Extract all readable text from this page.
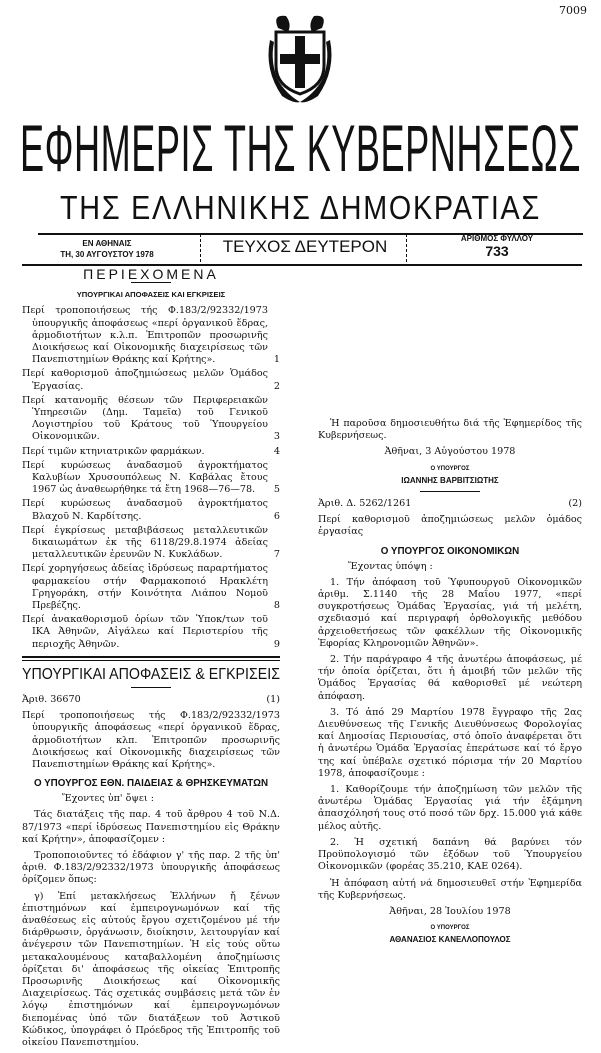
7009
ΕΦΗΜΕΡΙΣ ΤΗΣ ΚΥΒΕΡΝΗΣΕΩΣ
ΤΗΣ ΕΛΛΗΝΙΚΗΣ ΔΗΜΟΚΡΑΤΙΑΣ
ΕΝ ΑΘΗΝΑΙΣ
ΤΗ, 30 ΑΥΓΟΥΣΤΟΥ 1978	ΤΕΥΧΟΣ ΔΕΥΤΕΡΟΝ	ΑΡΙΘΜΟΣ ΦΥΛΛΟΥ
733
ΠΕΡΙΕΧΟΜΕΝΑ
ΥΠΟΥΡΓΙΚΑΙ ΑΠΟΦΑΣΕΙΣ ΚΑΙ ΕΓΚΡΙΣΕΙΣ
Περί τροποποιήσεως τής Φ.183/2/92332/1973 ὑπουργικῆς ἀποφάσεως «περί ὀργανικοῦ ἕδρας, ἁρμοδιοτήτων κ.λ.π. Ἐπιτροπῶν προσωρινῆς Διοικήσεως καί Οἰκονομικῆς διαχειρίσεως τῶν Πανεπιστημίων Θράκης καί Κρήτης».	1
Περί καθορισμοῦ ἀποζημιώσεως μελῶν Ὁμάδος Ἐργασίας.	2
Περί κατανομῆς θέσεων τῶν Περιφερειακῶν Ὑπηρεσιῶν (Δημ. Ταμεῖα) τοῦ Γενικοῦ Λογιστηρίου τοῦ Κράτους τοῦ Ὑπουργείου Οἰκονομικῶν.	3
Περί τιμῶν κτηνιατρικῶν φαρμάκων.	4
Περί κυρώσεως ἀναδασμοῦ ἀγροκτήματος Καλυβίων Χρυσουπόλεως Ν. Καβάλας ἔτους 1967 ὡς ἀναθεωρήθηκε τά ἔτη 1968—76—78.	5
Περί κυρώσεως ἀναδασμοῦ ἀγροκτήματος Βλαχοῦ Ν. Καρδίτσης.	6
Περί ἐγκρίσεως μεταβιβάσεως μεταλλευτικῶν δικαιωμάτων ἐκ τῆς 6118/29.8.1974 ἀδείας μεταλλευτικῶν ἐρευνῶν Ν. Κυκλάδων.	7
Περί χορηγήσεως ἀδείας ἱδρύσεως παραρτήματος φαρμακείου στήν Φαρμακοποιό Ηρακλέτη Γρηγοράκη, στήν Κοινότητα Λιάπου Νομοῦ Πρεβέζης.	8
Περί ἀνακαθορισμοῦ ὁρίων τῶν Ὑποκ/των τοῦ ΙΚΑ Ἀθηνῶν, Αἰγάλεω καί Περιστερίου τῆς περιοχῆς Ἀθηνῶν.	9
ΥΠΟΥΡΓΙΚΑΙ ΑΠΟΦΑΣΕΙΣ & ΕΓΚΡΙΣΕΙΣ
Ἀριθ. 36670	(1)
Περί τροποποιήσεως τής Φ.183/2/92332/1973 ὑπουργικῆς ἀποφάσεως «περί ὀργανικοῦ ἕδρας, ἁρμοδιοτήτων κλπ. Ἐπιτροπῶν προσωρινῆς Διοικήσεως καί Οἰκονομικῆς διαχειρίσεως τῶν Πανεπιστημίων Θράκης καί Κρήτης».
Ο ΥΠΟΥΡΓΟΣ ΕΘΝ. ΠΑΙΔΕΙΑΣ & ΘΡΗΣΚΕΥΜΑΤΩΝ

Ἔχοντες ὑπ' ὄψει :

Τάς διατάξεις τῆς παρ. 4 τοῦ ἄρθρου 4 τοῦ Ν.Δ. 87/1973 «περί ἱδρύσεως Πανεπιστημίου εἰς Θράκην καί Κρήτην», ἀποφασίζομεν :

Τροποποιοῦντες τό ἐδάφιον γ' τῆς παρ. 2 τῆς ὑπ' ἀριθ. Φ.183/2/92332/1973 ὑπουργικῆς ἀποφάσεως ὁρίζομεν ὅπως:

γ) Ἐπί μετακλήσεως Ἑλλήνων ἤ ξένων ἐπιστημόνων καί ἐμπειρογνωμόνων καί τῆς ἀναθέσεως εἰς αὐτούς ἔργου σχετιζομένου μέ τήν διάρθρωσιν, ὀργάνωσιν, διοίκησιν, λειτουργίαν καί ἀνέγερσιν τῶν Πανεπιστημίων. Ἡ εἰς τούς οὕτω μετακαλουμένους καταβαλλομένη ἀποζημίωσις ὁρίζεται δι' ἀποφάσεως τῆς οἰκείας Ἐπιτροπῆς Προσωρινῆς Διοικήσεως καί Οἰκονομικῆς Διαχειρίσεως. Τάς σχετικάς συμβάσεις μετά τῶν ἐν λόγῳ ἐπιστημόνων καί ἐμπειρογνωμόνων διεπομένας ὑπό τῶν διατάξεων τοῦ Ἀστικοῦ Κώδικος, ὑπογράφει ὁ Πρόεδρος τῆς Ἐπιτροπῆς τοῦ οἰκείου Πανεπιστημίου.

Ἡ παροῦσα δημοσιευθήτω διά τῆς Ἐφημερίδος τῆς Κυβερνήσεως.

Ἀθῆναι, 3 Αὐγούστου 1978
Ο ΥΠΟΥΡΓΟΣ
ΙΩΑΝΝΗΣ ΒΑΡΒΙΤΣΙΩΤΗΣ
Ἀριθ. Δ. 5262/1261	(2)
Περί καθορισμοῦ ἀποζημιώσεως μελῶν ὁμάδος ἐργασίας
Ο ΥΠΟΥΡΓΟΣ ΟΙΚΟΝΟΜΙΚΩΝ

Ἔχοντας ὑπόψη :

1. Τήν ἀπόφαση τοῦ Ὑφυπουργοῦ Οἰκονομικῶν ἀριθμ. Σ.1140 τῆς 28 Μαΐου 1977, «περί συγκροτήσεως Ὁμάδας Ἐργασίας, γιά τή μελέτη, σχεδιασμό καί περιγραφή ὀρθολογικῆς μεθόδου ἀρχειοθετήσεως τῶν φακέλλων τῆς Οἰκονομικῆς Ἐφορίας Κληρονομιῶν Ἀθηνῶν».

2. Τήν παράγραφο 4 τῆς ἀνωτέρω ἀποφάσεως, μέ τήν ὁποία ὁρίζεται, ὅτι ἡ ἀμοιβή τῶν μελῶν τῆς Ὁμάδος Ἐργασίας θά καθορισθεῖ μέ νεώτερη ἀπόφαση.

3. Τό ἀπό 29 Μαρτίου 1978 ἔγγραφο τῆς 2ας Διευθύνσεως τῆς Γενικῆς Διευθύνσεως Φορολογίας καί Δημοσίας Περιουσίας, στό ὁποῖο ἀναφέρεται ὅτι ἡ ἀνωτέρω Ὁμάδα Ἐργασίας ἐπεράτωσε καί τό ἔργο της καί ὑπέβαλε σχετικό πόρισμα τήν 20 Μαρτίου 1978, ἀποφασίζουμε :

1. Καθορίζουμε τήν ἀποζημίωση τῶν μελῶν τῆς ἀνωτέρω Ὁμάδας Ἐργασίας γιά τήν ἑξάμηνη ἀπασχόλησή τους στό ποσό τῶν δρχ. 15.000 γιά κάθε μέλος αὐτῆς.

2. Ἡ σχετική δαπάνη θά βαρύνει τόν Προϋπολογισμό τῶν ἐξόδων τοῦ Ὑπουργείου Οἰκονομικῶν (φορέας 35.210, ΚΑΕ 0264).

Ἡ ἀπόφαση αὐτή νά δημοσιευθεῖ στήν Ἐφημερίδα τῆς Κυβερνήσεως.

Ἀθῆναι, 28 Ἰουλίου 1978
Ο ΥΠΟΥΡΓΟΣ
ΑΘΑΝΑΣΙΟΣ ΚΑΝΕΛΛΟΠΟΥΛΟΣ
